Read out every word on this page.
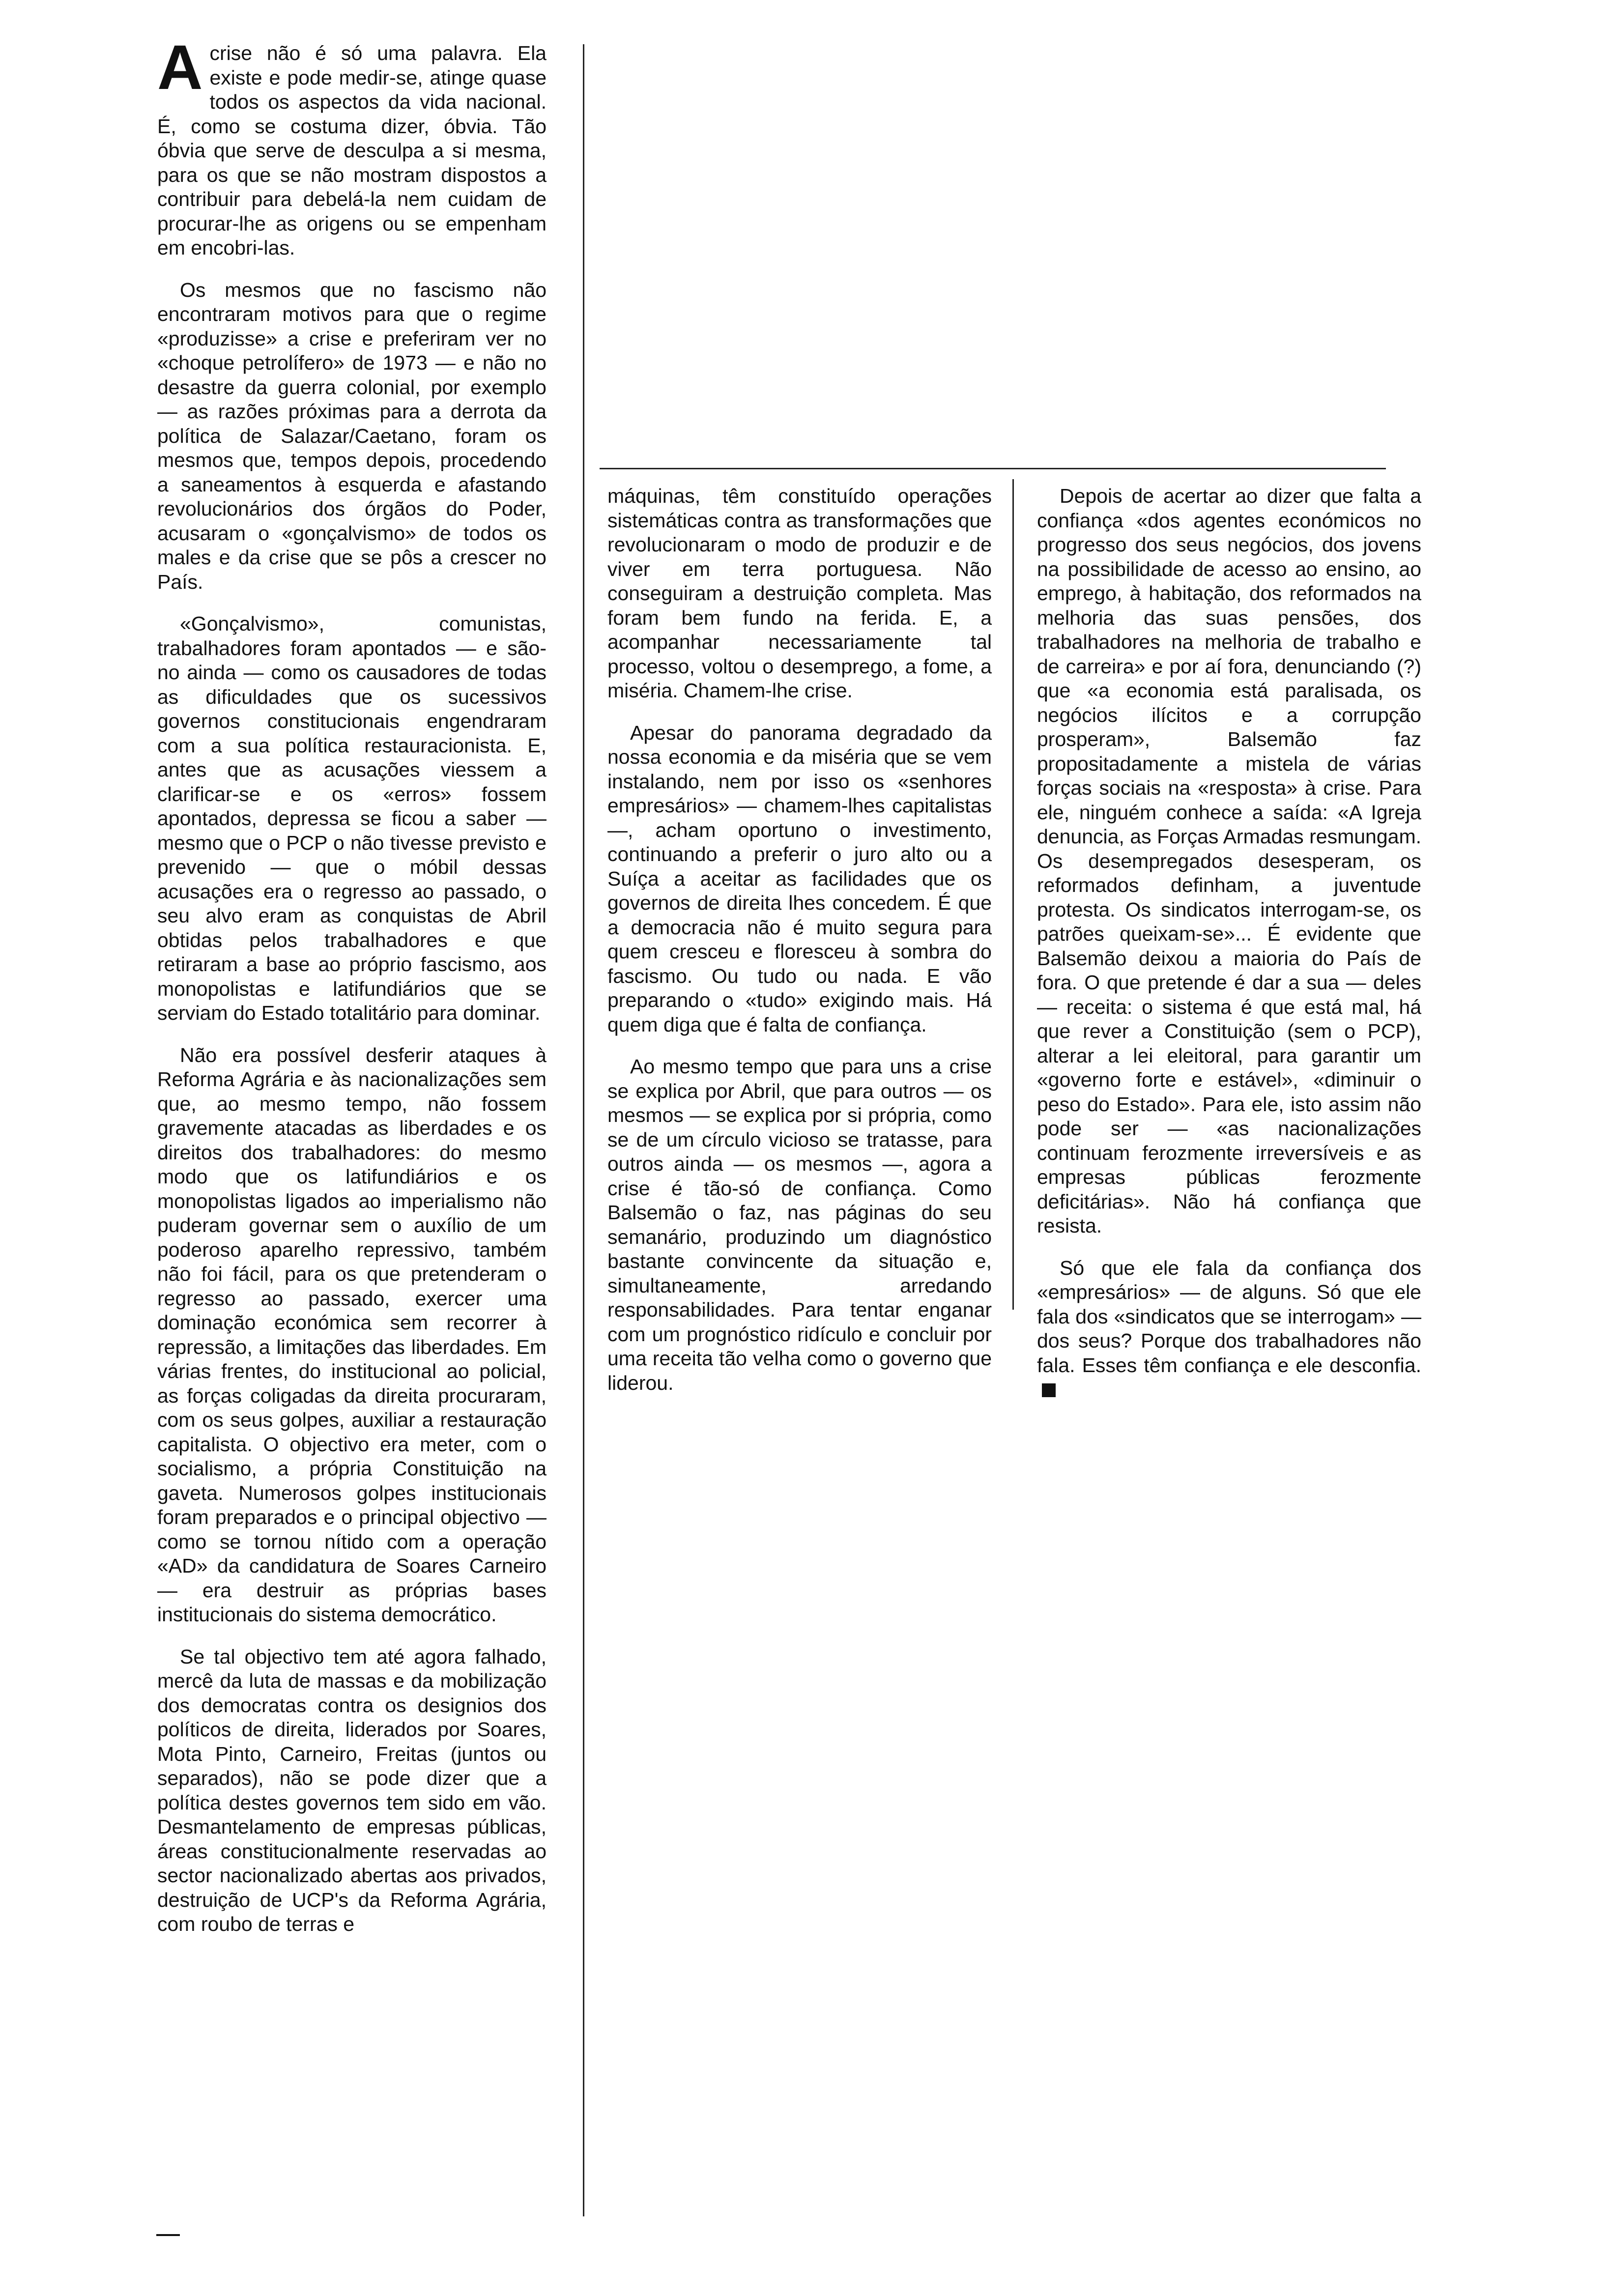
Acrise não é só uma palavra. Ela existe e pode medir-se, atinge quase todos os aspectos da vida nacional. É, como se costuma dizer, óbvia. Tão óbvia que serve de desculpa a si mesma, para os que se não mostram dispostos a contribuir para debelá-la nem cuidam de procurar-lhe as origens ou se empenham em encobri-las.

Os mesmos que no fascismo não encontraram motivos para que o regime «produzisse» a crise e preferiram ver no «choque petrolífero» de 1973 — e não no desastre da guerra colonial, por exemplo — as razões próximas para a derrota da política de Salazar/Caetano, foram os mesmos que, tempos depois, procedendo a saneamentos à esquerda e afastando revolucionários dos órgãos do Poder, acusaram o «gonçalvismo» de todos os males e da crise que se pôs a crescer no País.

«Gonçalvismo», comunistas, trabalhadores foram apontados — e são-no ainda — como os causadores de todas as dificuldades que os sucessivos governos constitucionais engendraram com a sua política restauracionista. E, antes que as acusações viessem a clarificar-se e os «erros» fossem apontados, depressa se ficou a saber — mesmo que o PCP o não tivesse previsto e prevenido — que o móbil dessas acusações era o regresso ao passado, o seu alvo eram as conquistas de Abril obtidas pelos trabalhadores e que retiraram a base ao próprio fascismo, aos monopolistas e latifundiários que se serviam do Estado totalitário para dominar.

Não era possível desferir ataques à Reforma Agrária e às nacionalizações sem que, ao mesmo tempo, não fossem gravemente atacadas as liberdades e os direitos dos trabalhadores: do mesmo modo que os latifundiários e os monopolistas ligados ao imperialismo não puderam governar sem o auxílio de um poderoso aparelho repressivo, também não foi fácil, para os que pretenderam o regresso ao passado, exercer uma dominação económica sem recorrer à repressão, a limitações das liberdades. Em várias frentes, do institucional ao policial, as forças coligadas da direita procuraram, com os seus golpes, auxiliar a restauração capitalista. O objectivo era meter, com o socialismo, a própria Constituição na gaveta. Numerosos golpes institucionais foram preparados e o principal objectivo — como se tornou nítido com a operação «AD» da candidatura de Soares Carneiro — era destruir as próprias bases institucionais do sistema democrático.

Se tal objectivo tem até agora falhado, mercê da luta de massas e da mobilização dos democratas contra os designios dos políticos de direita, liderados por Soares, Mota Pinto, Carneiro, Freitas (juntos ou separados), não se pode dizer que a política destes governos tem sido em vão. Desmantelamento de empresas públicas, áreas constitucionalmente reservadas ao sector nacionalizado abertas aos privados, destruição de UCP's da Reforma Agrária, com roubo de terras e

máquinas, têm constituído operações sistemáticas contra as transformações que revolucionaram o modo de produzir e de viver em terra portuguesa. Não conseguiram a destruição completa. Mas foram bem fundo na ferida. E, a acompanhar necessariamente tal processo, voltou o desemprego, a fome, a miséria. Chamem-lhe crise.

Apesar do panorama degradado da nossa economia e da miséria que se vem instalando, nem por isso os «senhores empresários» — chamem-lhes capitalistas —, acham oportuno o investimento, continuando a preferir o juro alto ou a Suíça a aceitar as facilidades que os governos de direita lhes concedem. É que a democracia não é muito segura para quem cresceu e floresceu à sombra do fascismo. Ou tudo ou nada. E vão preparando o «tudo» exigindo mais. Há quem diga que é falta de confiança.

Ao mesmo tempo que para uns a crise se explica por Abril, que para outros — os mesmos — se explica por si própria, como se de um círculo vicioso se tratasse, para outros ainda — os mesmos —, agora a crise é tão-só de confiança. Como Balsemão o faz, nas páginas do seu semanário, produzindo um diagnóstico bastante convincente da situação e, simultaneamente, arredando responsabilidades. Para tentar enganar com um prognóstico ridículo e concluir por uma receita tão velha como o governo que liderou.

Depois de acertar ao dizer que falta a confiança «dos agentes económicos no progresso dos seus negócios, dos jovens na possibilidade de acesso ao ensino, ao emprego, à habitação, dos reformados na melhoria das suas pensões, dos trabalhadores na melhoria de trabalho e de carreira» e por aí fora, denunciando (?) que «a economia está paralisada, os negócios ilícitos e a corrupção prosperam», Balsemão faz propositadamente a mistela de várias forças sociais na «resposta» à crise. Para ele, ninguém conhece a saída: «A Igreja denuncia, as Forças Armadas resmungam. Os desempregados desesperam, os reformados definham, a juventude protesta. Os sindicatos interrogam-se, os patrões queixam-se»... É evidente que Balsemão deixou a maioria do País de fora. O que pretende é dar a sua — deles — receita: o sistema é que está mal, há que rever a Constituição (sem o PCP), alterar a lei eleitoral, para garantir um «governo forte e estável», «diminuir o peso do Estado». Para ele, isto assim não pode ser — «as nacionalizações continuam ferozmente irreversíveis e as empresas públicas ferozmente deficitárias». Não há confiança que resista.

Só que ele fala da confiança dos «empresários» — de alguns. Só que ele fala dos «sindicatos que se interrogam» — dos seus? Porque dos trabalhadores não fala. Esses têm confiança e ele desconfia.
